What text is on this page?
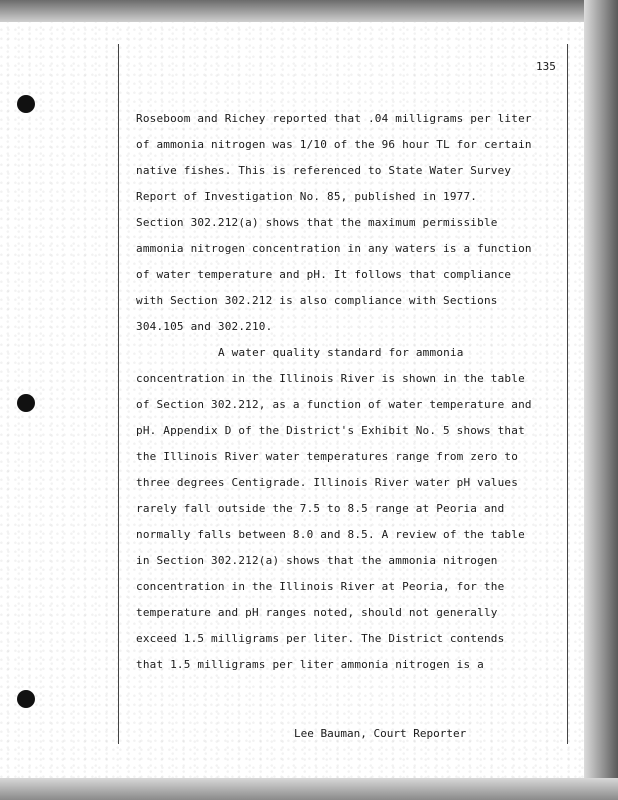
135
Roseboom and Richey reported that .04 milligrams per liter
of ammonia nitrogen was 1/10 of the 96 hour TL for certain
native fishes. This is referenced to State Water Survey
Report of Investigation No. 85, published in 1977.
Section 302.212(a) shows that the maximum permissible
ammonia nitrogen concentration in any waters is a function
of water temperature and pH. It follows that compliance
with Section 302.212 is also compliance with Sections
304.105 and 302.210.
A water quality standard for ammonia
concentration in the Illinois River is shown in the table
of Section 302.212, as a function of water temperature and
pH. Appendix D of the District's Exhibit No. 5 shows that
the Illinois River water temperatures range from zero to
three degrees Centigrade. Illinois River water pH values
rarely fall outside the 7.5 to 8.5 range at Peoria and
normally falls between 8.0 and 8.5. A review of the table
in Section 302.212(a) shows that the ammonia nitrogen
concentration in the Illinois River at Peoria, for the
temperature and pH ranges noted, should not generally
exceed 1.5 milligrams per liter. The District contends
that 1.5 milligrams per liter ammonia nitrogen is a
Lee Bauman, Court Reporter
